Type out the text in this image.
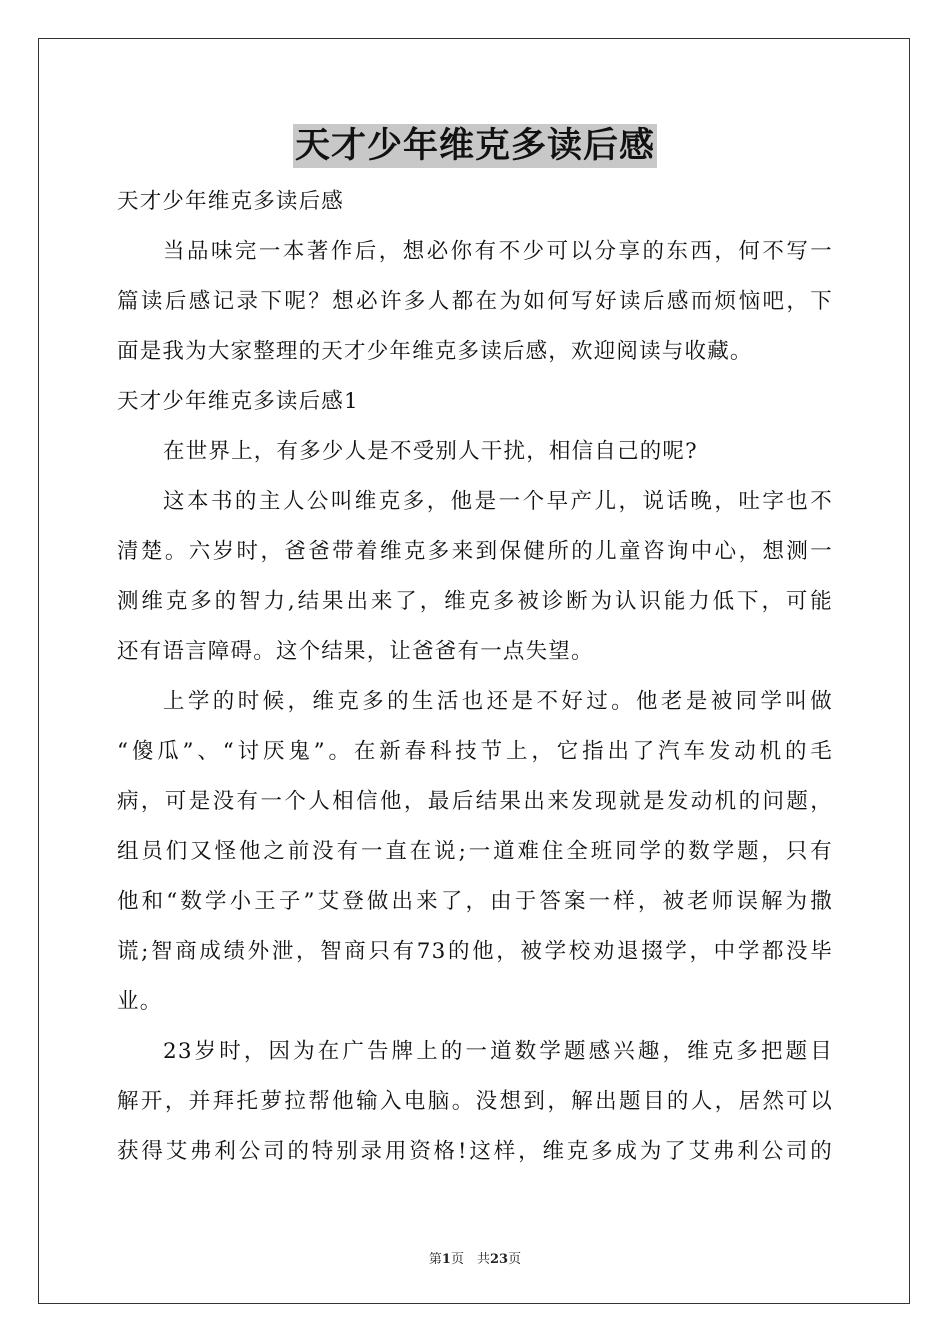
天才少年维克多读后感
天才少年维克多读后感
当品味完一本著作后，想必你有不少可以分享的东西，何不写一
篇读后感记录下呢？想必许多人都在为如何写好读后感而烦恼吧，下
面是我为大家整理的天才少年维克多读后感，欢迎阅读与收藏。
天才少年维克多读后感1
在世界上，有多少人是不受别人干扰，相信自己的呢?
这本书的主人公叫维克多，他是一个早产儿，说话晚，吐字也不
清楚。六岁时，爸爸带着维克多来到保健所的儿童咨询中心，想测一
测维克多的智力,结果出来了，维克多被诊断为认识能力低下，可能
还有语言障碍。这个结果，让爸爸有一点失望。
上学的时候，维克多的生活也还是不好过。他老是被同学叫做
“傻瓜”、“讨厌鬼”。在新春科技节上，它指出了汽车发动机的毛
病，可是没有一个人相信他，最后结果出来发现就是发动机的问题，
组员们又怪他之前没有一直在说;一道难住全班同学的数学题，只有
他和“数学小王子”艾登做出来了，由于答案一样，被老师误解为撒
谎;智商成绩外泄，智商只有73的他，被学校劝退掇学，中学都没毕
业。
23岁时，因为在广告牌上的一道数学题感兴趣，维克多把题目
解开，并拜托萝拉帮他输入电脑。没想到，解出题目的人，居然可以
获得艾弗利公司的特别录用资格!这样，维克多成为了艾弗利公司的
第1页　共23页
